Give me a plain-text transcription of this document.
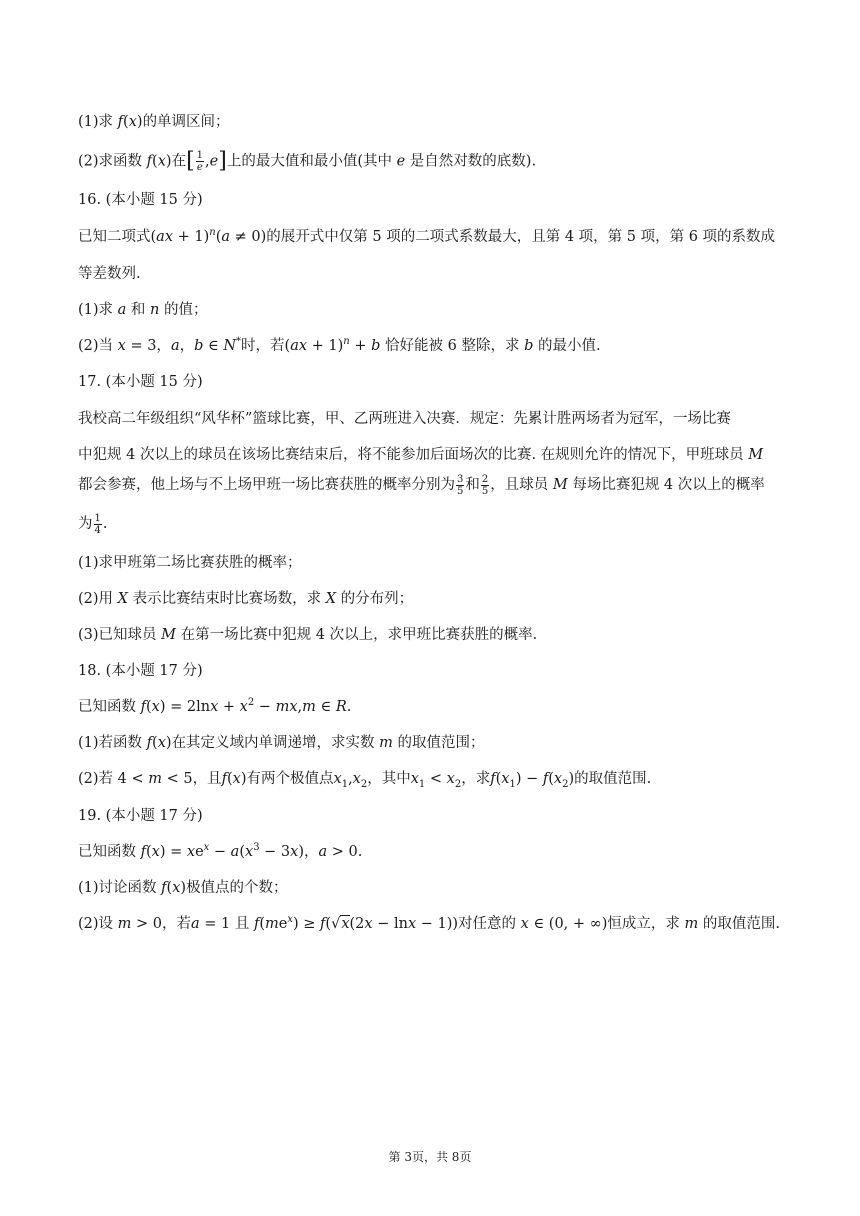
(1)求 f(x)的单调区间；
(2)求函数 f(x)在[ $\frac{1}{e} ,e$]上的最大值和最小值(其中 e 是自然对数的底数).
16. (本小题 15 分)
已知二项式(ax + 1)$^n$(a ≠ 0)的展开式中仅第 5 项的二项式系数最大，且第 4 项，第 5 项，第 6 项的系数成
等差数列.
(1)求 a 和 n 的值；
(2)当 x = 3，a，b ∈ N*时，若(ax + 1)$^n$ + b 恰好能被 6 整除，求 b 的最小值.
17. (本小题 15 分)
我校高二年级组织“风华杯”篮球比赛，甲、乙两班进入决赛．规定：先累计胜两场者为冠军，一场比赛
中犯规 4 次以上的球员在该场比赛结束后，将不能参加后面场次的比赛. 在规则允许的情况下，甲班球员 M
都会参赛，他上场与不上场甲班一场比赛获胜的概率分别为 $\frac{3}{5}$ 和 $\frac{2}{5}$ ，且球员 M 每场比赛犯规 4 次以上的概率
为 $\frac{1}{4}$ .
(1)求甲班第二场比赛获胜的概率；
(2)用 X 表示比赛结束时比赛场数，求 X 的分布列；
(3)已知球员 M 在第一场比赛中犯规 4 次以上，求甲班比赛获胜的概率.
18. (本小题 17 分)
已知函数 $f(x) = 2\ln x + x^2 - mx,m$ ∈ R.
(1)若函数 f(x)在其定义域内单调递增，求实数 m 的取值范围；
(2)若 4 < m < 5，且f(x)有两个极值点$x_1,x_2$，其中$x_1 < x_2$，求$f(x_1) - f(x_2)$的取值范围.
19. (本小题 17 分)
已知函数 $f(x) = xe^x - a(x^3 - 3x)$，a > 0.
(1)讨论函数 f(x)极值点的个数；
(2)设 m > 0，若a = 1 且 $f(me^x) \ge f(√x(2x - \ln x - 1))$对任意的 x ∈ (0, + ∞)恒成立，求 m 的取值范围.
第 3页，共 8页
